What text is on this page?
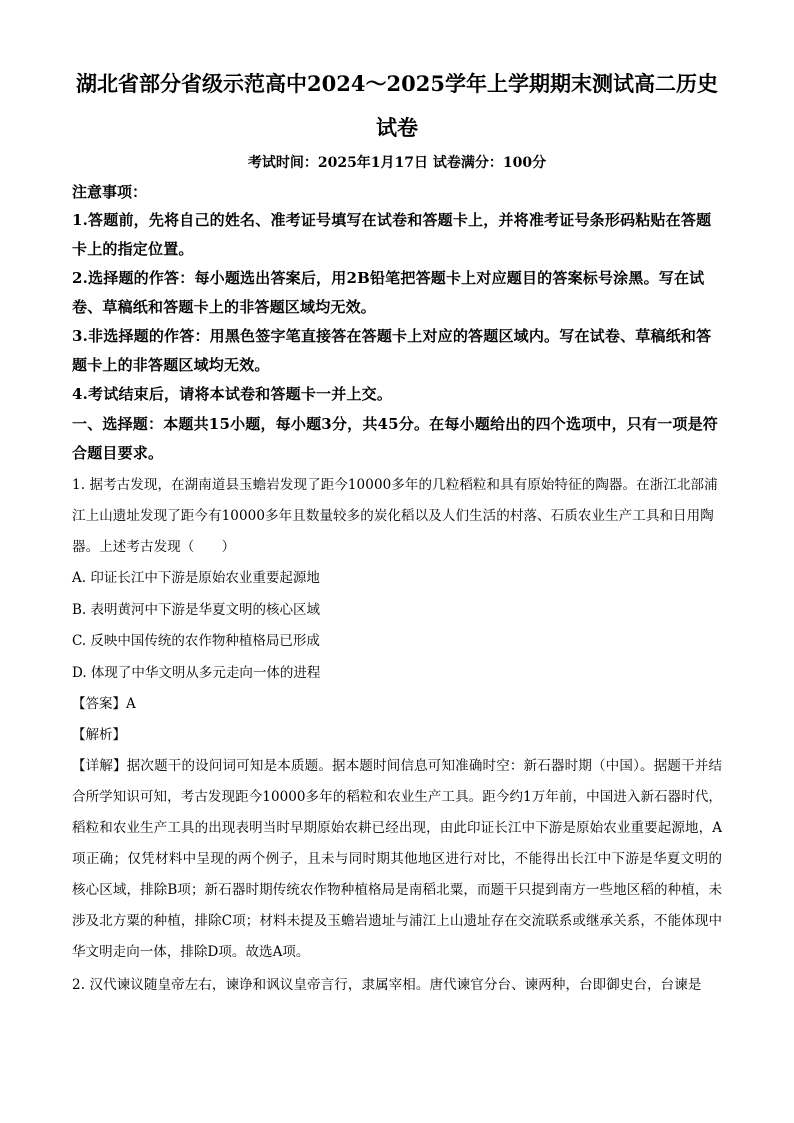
湖北省部分省级示范高中2024～2025学年上学期期末测试高二历史
试卷
考试时间：2025年1月17日 试卷满分：100分
注意事项：
1.答题前，先将自己的姓名、准考证号填写在试卷和答题卡上，并将准考证号条形码粘贴在答题卡上的指定位置。
2.选择题的作答：每小题选出答案后，用2B铅笔把答题卡上对应题目的答案标号涂黑。写在试卷、草稿纸和答题卡上的非答题区域均无效。
3.非选择题的作答：用黑色签字笔直接答在答题卡上对应的答题区域内。写在试卷、草稿纸和答题卡上的非答题区域均无效。
4.考试结束后，请将本试卷和答题卡一并上交。
一、选择题：本题共15小题，每小题3分，共45分。在每小题给出的四个选项中，只有一项是符合题目要求。
1. 据考古发现，在湖南道县玉蟾岩发现了距今10000多年的几粒稻粒和具有原始特征的陶器。在浙江北部浦江上山遗址发现了距今有10000多年且数量较多的炭化稻以及人们生活的村落、石质农业生产工具和日用陶器。上述考古发现（　　）
A. 印证长江中下游是原始农业重要起源地
B. 表明黄河中下游是华夏文明的核心区域
C. 反映中国传统的农作物种植格局已形成
D. 体现了中华文明从多元走向一体的进程
【答案】A
【解析】
【详解】据次题干的设问词可知是本质题。据本题时间信息可知准确时空：新石器时期（中国）。据题干并结合所学知识可知，考古发现距今10000多年的稻粒和农业生产工具。距今约1万年前，中国进入新石器时代，稻粒和农业生产工具的出现表明当时早期原始农耕已经出现，由此印证长江中下游是原始农业重要起源地，A项正确；仅凭材料中呈现的两个例子，且未与同时期其他地区进行对比，不能得出长江中下游是华夏文明的核心区域，排除B项；新石器时期传统农作物种植格局是南稻北粟，而题干只提到南方一些地区稻的种植，未涉及北方粟的种植，排除C项；材料未提及玉蟾岩遗址与浦江上山遗址存在交流联系或继承关系，不能体现中华文明走向一体，排除D项。故选A项。
2. 汉代谏议随皇帝左右，谏诤和讽议皇帝言行，隶属宰相。唐代谏官分台、谏两种，台即御史台，台谏是
